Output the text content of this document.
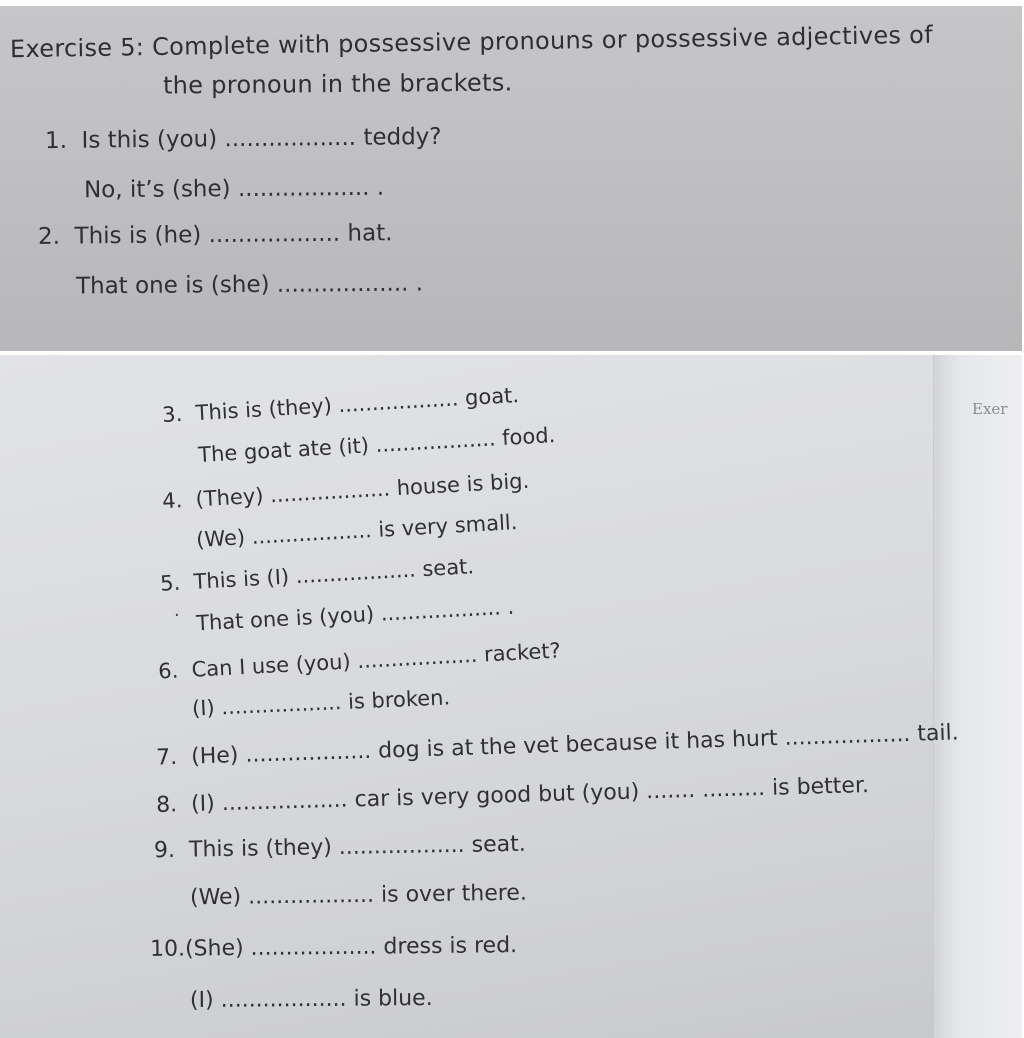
Exercise 5: Complete with possessive pronouns or possessive adjectives of

the pronoun in the brackets.

1. Is this (you) .................. teddy?

No, it’s (she) .................. .

2. This is (he) .................. hat.

That one is (she) .................. .

Exer
·

3. This is (they) .................. goat.

The goat ate (it) .................. food.

4. (They) .................. house is big.

(We) .................. is very small.

5. This is (I) .................. seat.

That one is (you) .................. .

6. Can I use (you) .................. racket?

(I) .................. is broken.

7. (He) .................. dog is at the vet because it has hurt .................. tail.

8. (I) .................. car is very good but (you) ....... ......... is better.

9. This is (they) .................. seat.

(We) .................. is over there.

10.(She) .................. dress is red.

(I) .................. is blue.
